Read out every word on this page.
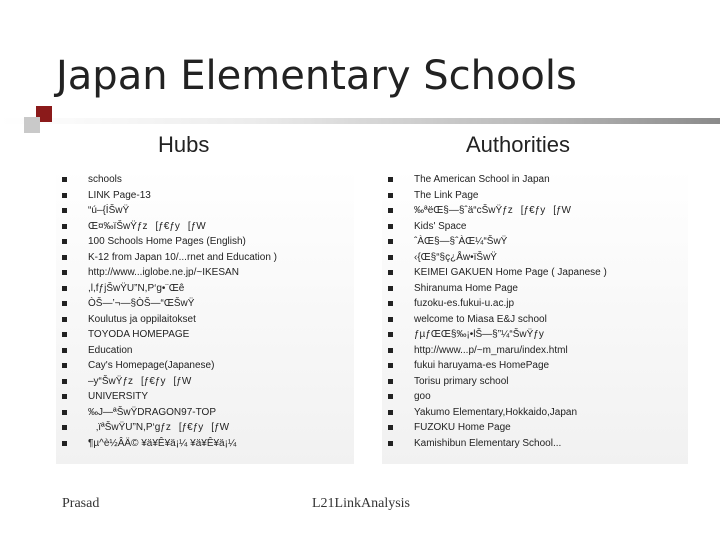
Japan Elementary Schools
Hubs	Authorities
schools
LINK Page-13
“ú–{İŠwŸ
Œ¤‰ïŠwŸƒz[ƒ€ƒy[ƒW
100 Schools Home Pages (English)
K-12 from Japan 10/...rnet and Education )
http://www...iglobe.ne.jp/~IKESAN
,l,fƒjŠwŸU”N,P‘g•¨Œê
ÒŠ—’¬—§ÒŠ—“ŒŠwŸ
Koulutus ja oppilaitokset
TOYODA HOMEPAGE
Education
Cay's Homepage(Japanese)
–y“ŠwŸƒz[ƒ€ƒy[ƒW
UNIVERSITY
‰J—ªŠwŸDRAGON97-TOP
‚ïªŠwŸU”N,P‘gƒz[ƒ€ƒy[ƒW
¶µ^è½ÂÄ© ¥ä¥Ê¥ä¡¼ ¥ä¥Ê¥ä¡¼
The American School in Japan
The Link Page
‰ªëŒ§—§ˆä“cŠwŸƒz[ƒ€ƒy[ƒW
Kids' Space
ˆÀŒ§—§ˆÀŒ¼“ŠwŸ
‹{Œ§“§ç¿Åw•ïŠwŸ
KEIMEI GAKUEN Home Page ( Japanese )
Shiranuma Home Page
fuzoku-es.fukui-u.ac.jp
welcome to Miasa E&J school
ƒµƒŒŒ§‰¡•lŠ—§”¼“ŠwŸƒy
http://www...p/~m_maru/index.html
fukui haruyama-es HomePage
Torisu primary school
goo
Yakumo Elementary,Hokkaido,Japan
FUZOKU Home Page
Kamishibun Elementary School...
Prasad	L21LinkAnalysis
